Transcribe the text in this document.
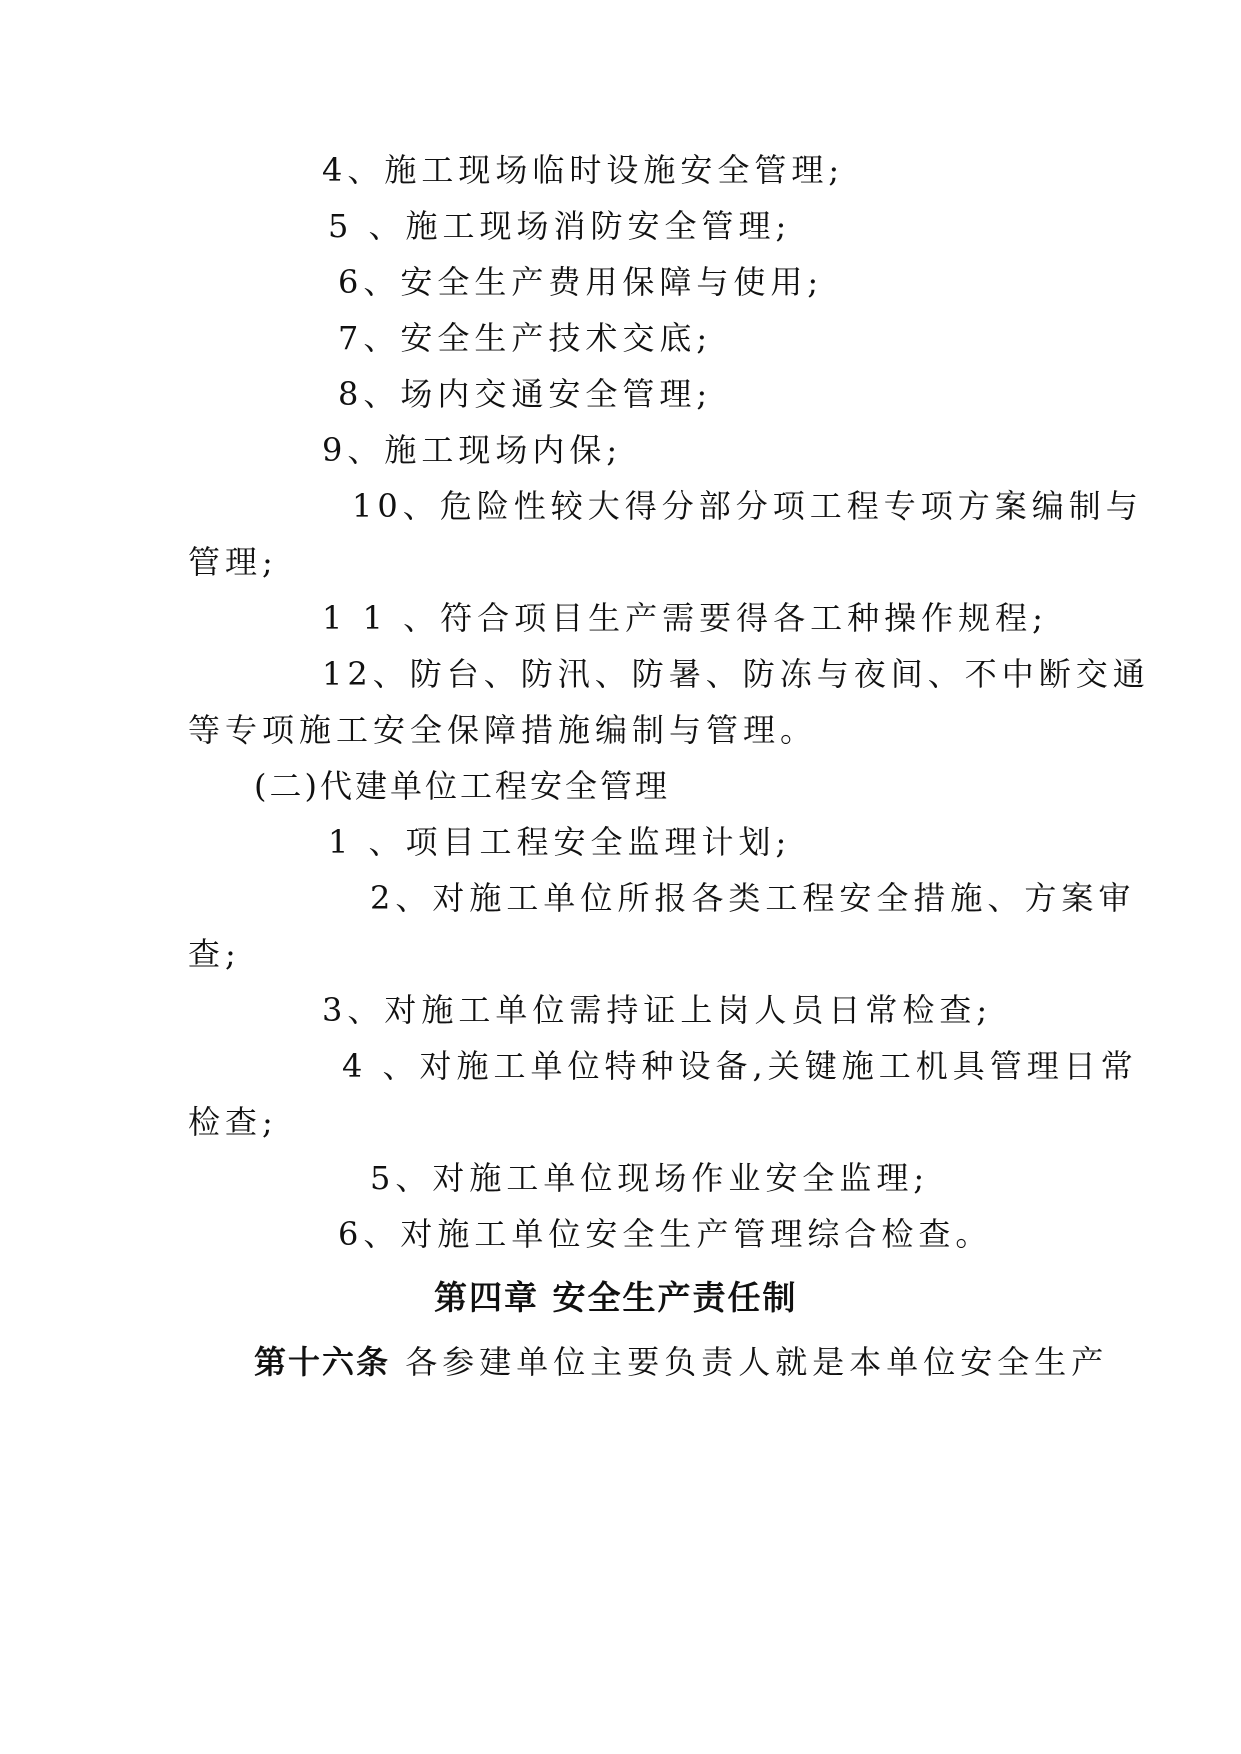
4、施工现场临时设施安全管理;
5 、施工现场消防安全管理;
6、安全生产费用保障与使用;
7、安全生产技术交底;
8、场内交通安全管理;
9、施工现场内保;
10、危险性较大得分部分项工程专项方案编制与
管理;
1 1 、符合项目生产需要得各工种操作规程;
12、防台、防汛、防暑、防冻与夜间、不中断交通
等专项施工安全保障措施编制与管理。
(二)代建单位工程安全管理
1 、项目工程安全监理计划;
2、对施工单位所报各类工程安全措施、方案审
查;
3、对施工单位需持证上岗人员日常检查;
4 、对施工单位特种设备,关键施工机具管理日常
检查;
5、对施工单位现场作业安全监理;
6、对施工单位安全生产管理综合检查。
第四章 安全生产责任制
第十六条 各参建单位主要负责人就是本单位安全生产
